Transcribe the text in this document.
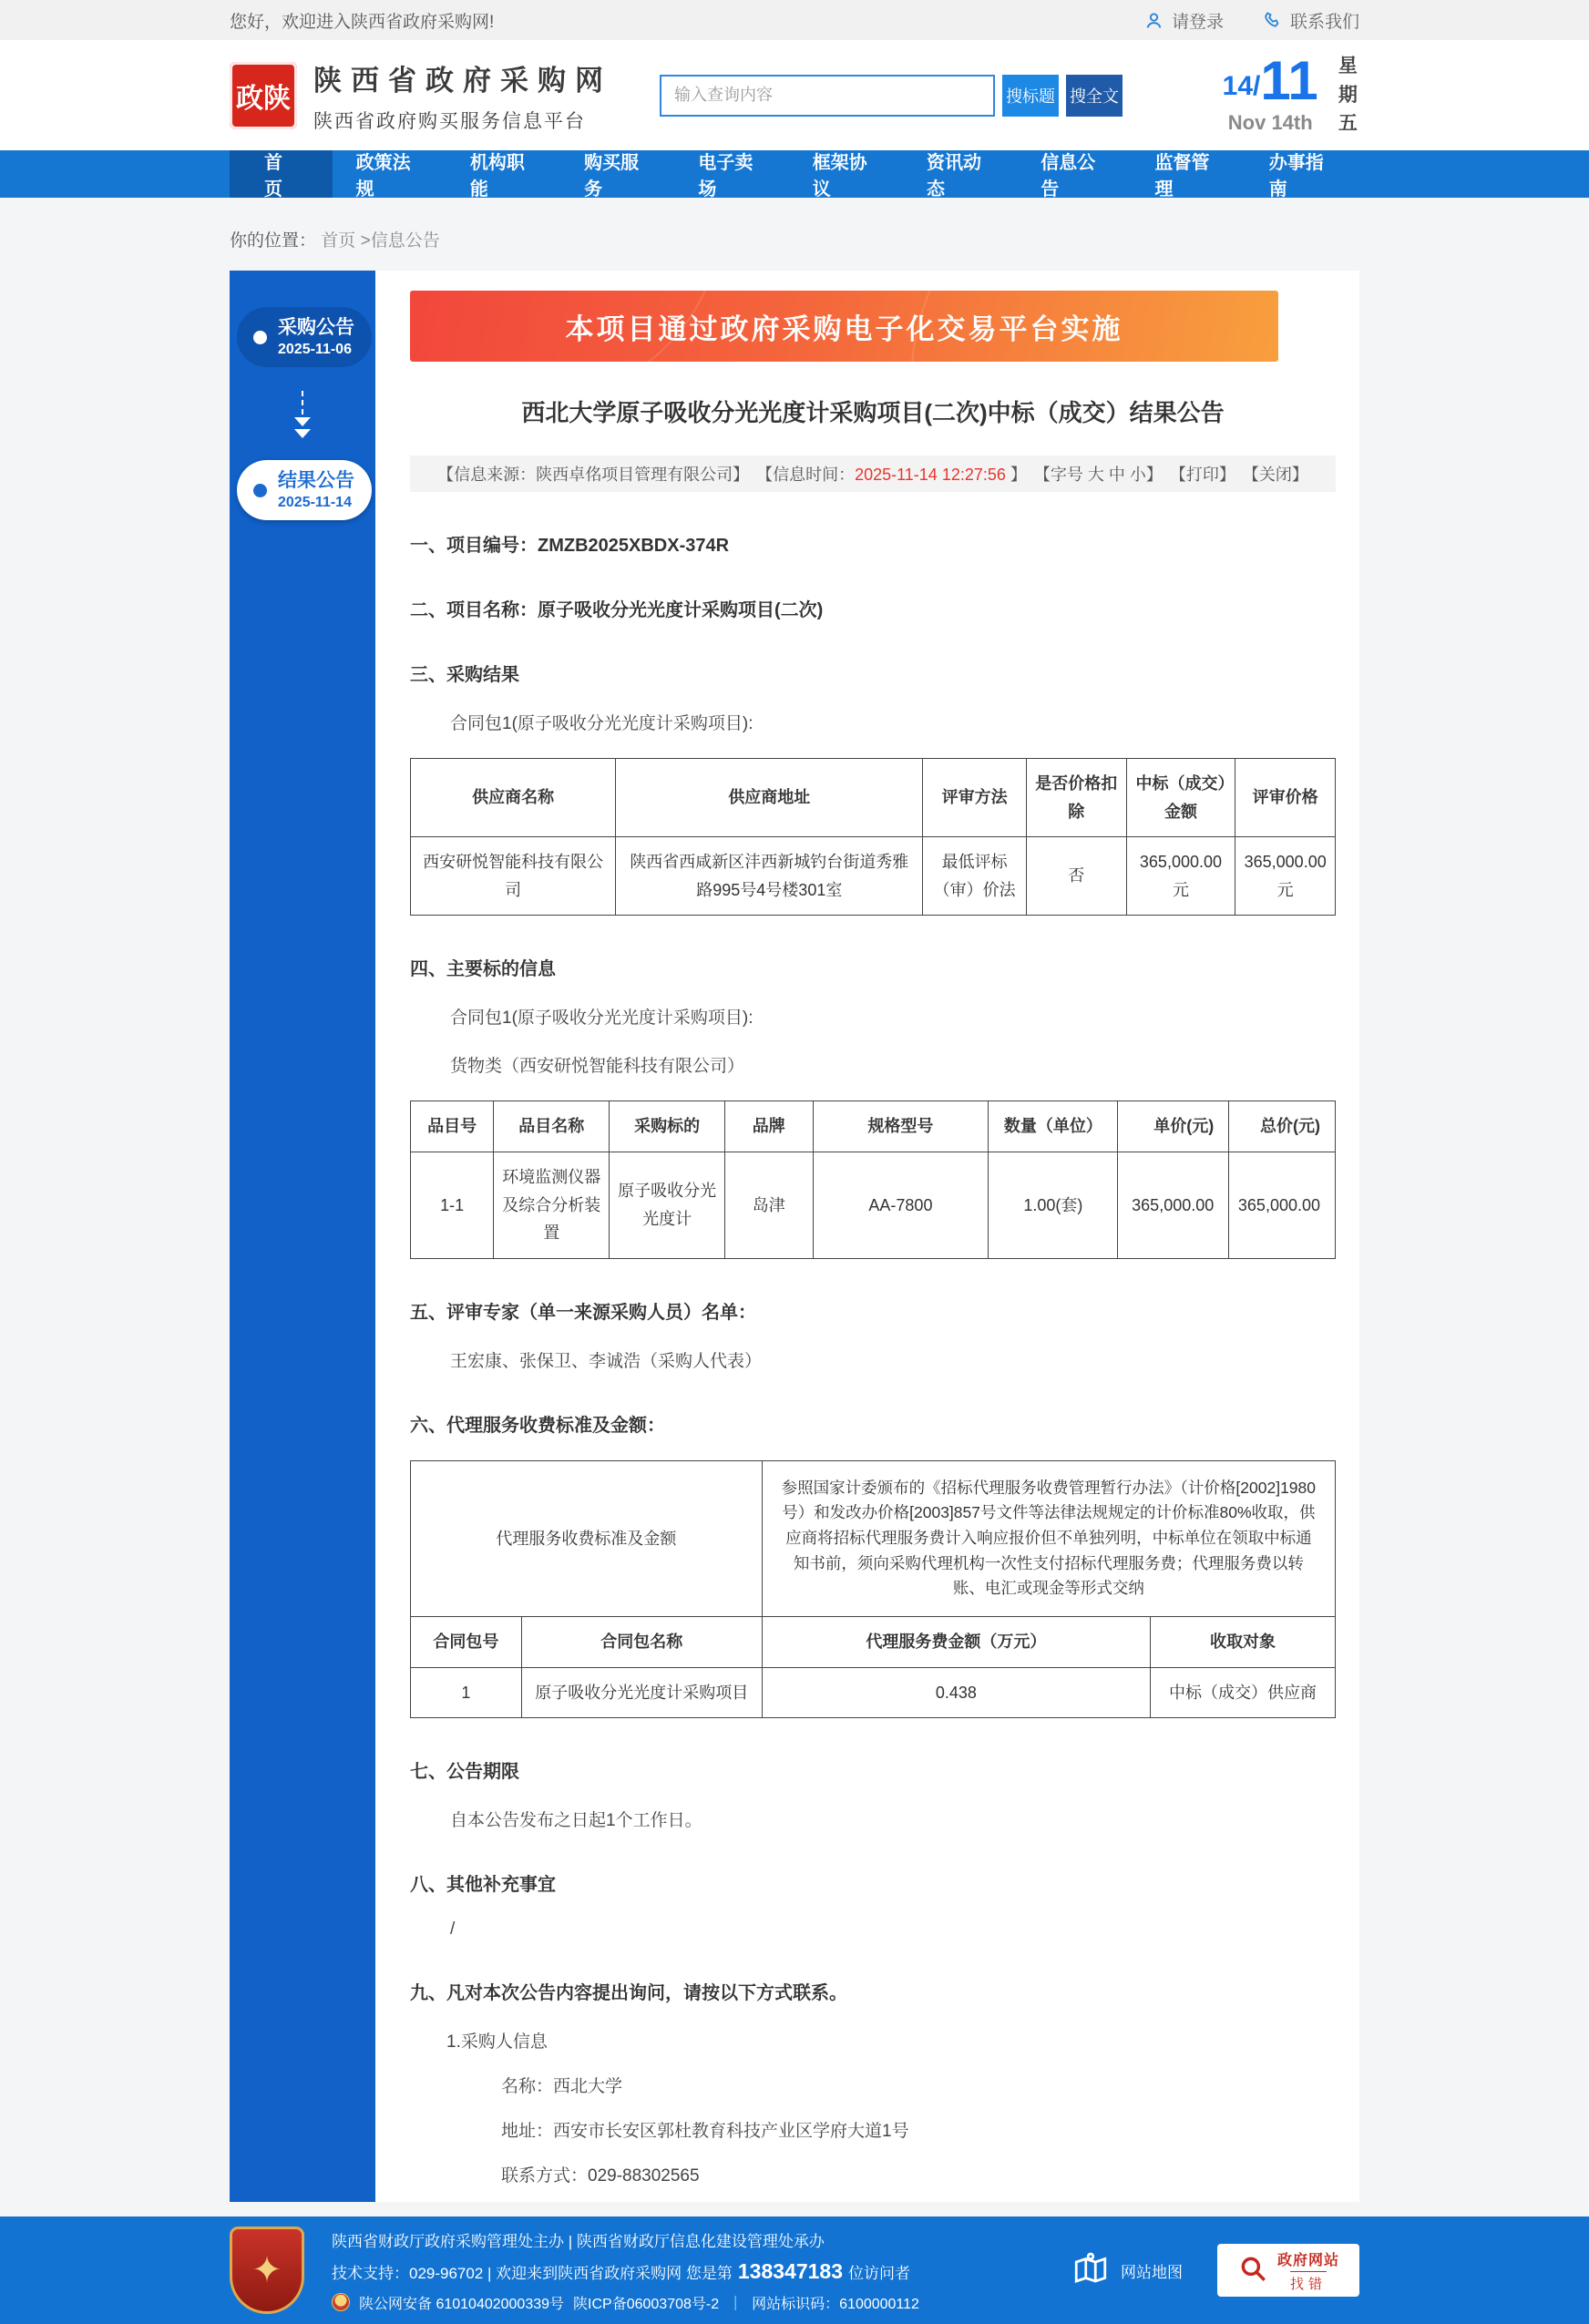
您好，欢迎进入陕西省政府采购网!	请登录	联系我们
政陕
陕西省政府采购网
陕西省政府购买服务信息平台
输入查询内容
搜标题 搜全文	14/ 11
Nov 14th
星期五
首页
政策法规
机构职能
购买服务
电子卖场
框架协议
资讯动态
信息公告
监督管理
办事指南
你的位置： 首页 >信息公告
采购公告
2025-11-06
结果公告
2025-11-14
本项目通过政府采购电子化交易平台实施
西北大学原子吸收分光光度计采购项目(二次)中标（成交）结果公告
【信息来源：陕西卓佲项目管理有限公司】 【信息时间：2025-11-14 12:27:56 】 【字号 大 中 小】 【打印】 【关闭】
一、项目编号：ZMZB2025XBDX-374R
二、项目名称：原子吸收分光光度计采购项目(二次)
三、采购结果
合同包1(原子吸收分光光度计采购项目):
供应商名称	供应商地址	评审方法	是否价格扣除	中标（成交）金额	评审价格
西安研悦智能科技有限公司	陕西省西咸新区沣西新城钓台街道秀雅路995号4号楼301室	最低评标（审）价法	否	365,000.00元	365,000.00元
四、主要标的信息
合同包1(原子吸收分光光度计采购项目):
货物类（西安研悦智能科技有限公司）
品目号	品目名称	采购标的	品牌	规格型号	数量（单位）	单价(元)	总价(元)
1-1	环境监测仪器及综合分析装置	原子吸收分光光度计	岛津	AA-7800	1.00(套)	365,000.00	365,000.00
五、评审专家（单一来源采购人员）名单：
王宏康、张保卫、李诚浩（采购人代表）
六、代理服务收费标准及金额：
代理服务收费标准及金额		参照国家计委颁布的《招标代理服务收费管理暂行办法》（计价格[2002]1980号）和发改办价格[2003]857号文件等法律法规规定的计价标准80%收取，供应商将招标代理服务费计入响应报价但不单独列明，中标单位在领取中标通知书前，须向采购代理机构一次性支付招标代理服务费；代理服务费以转账、电汇或现金等形式交纳	
合同包号	合同包名称	代理服务费金额（万元）	收取对象
1	原子吸收分光光度计采购项目	0.438	中标（成交）供应商
七、公告期限
自本公告发布之日起1个工作日。
八、其他补充事宜
/
九、凡对本次公告内容提出询问，请按以下方式联系。
1.采购人信息
名称：西北大学
地址：西安市长安区郭杜教育科技产业区学府大道1号
联系方式：029-88302565
✦
陕西省财政厅政府采购管理处主办 | 陕西省财政厅信息化建设管理处承办
技术支持：029-96702 | 欢迎来到陕西省政府采购网 您是第 138347183 位访问者
陕公网安备 61010402000339号 陕ICP备06003708号-2 ｜ 网站标识码：6100000112
网站地图
政府网站
找错
